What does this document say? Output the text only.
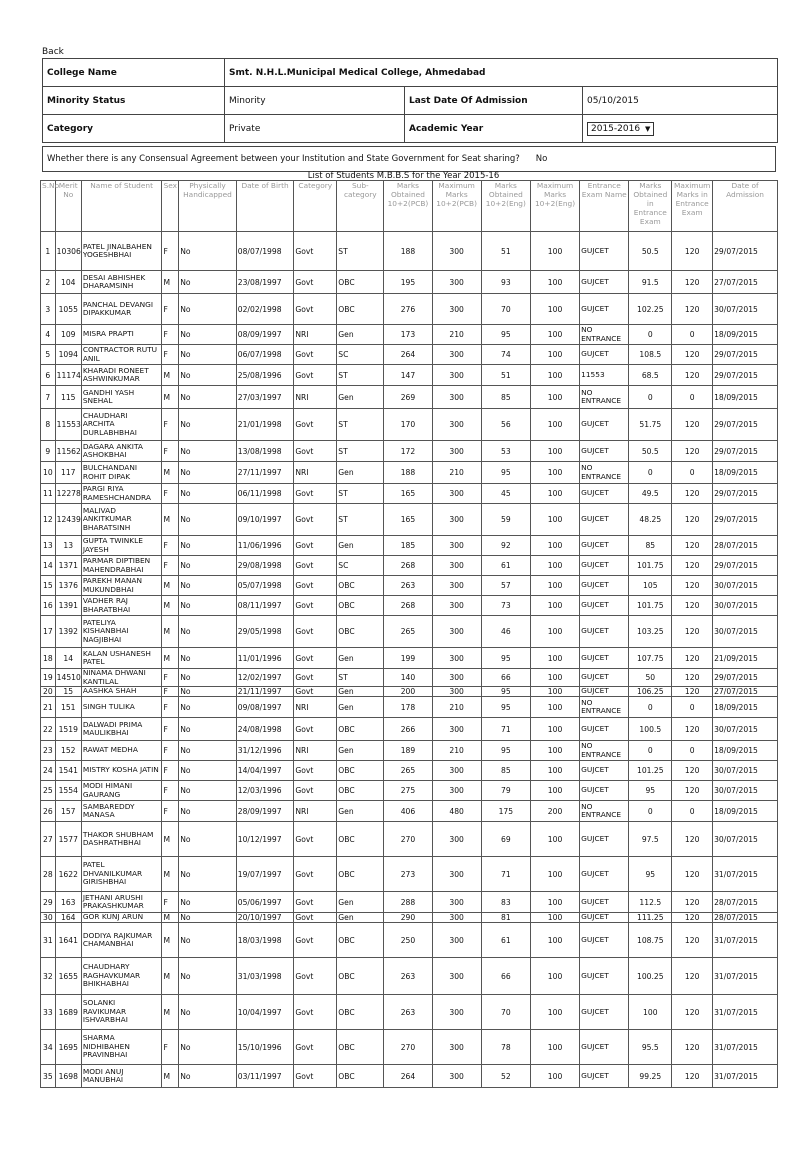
Back
College Name	Smt. N.H.L.Municipal Medical College, Ahmedabad		
Minority Status	Minority	Last Date Of Admission	05/10/2015
Category	Private	Academic Year	2015-2016 ▼
Whether there is any Consensual Agreement between your Institution and State Government for Seat sharing? No
List of Students M.B.B.S for the Year 2015-16
S.No	Merit No	Name of Student	Sex	Physically Handicapped	Date of Birth	Category	Sub-category	Marks Obtained 10+2(PCB)	Maximum Marks 10+2(PCB)	Marks Obtained 10+2(Eng)	Maximum Marks 10+2(Eng)	Entrance Exam Name	Marks Obtained in Entrance Exam	Maximum Marks in Entrance Exam	Date of Admission
1	10306	PATEL JINALBAHEN YOGESHBHAI	F	No	08/07/1998	Govt	ST	188	300	51	100	GUJCET	50.5	120	29/07/2015
2	104	DESAI ABHISHEK DHARAMSINH	M	No	23/08/1997	Govt	OBC	195	300	93	100	GUJCET	91.5	120	27/07/2015
3	1055	PANCHAL DEVANGI DIPAKKUMAR	F	No	02/02/1998	Govt	OBC	276	300	70	100	GUJCET	102.25	120	30/07/2015
4	109	MISRA PRAPTI	F	No	08/09/1997	NRI	Gen	173	210	95	100	NO ENTRANCE	0	0	18/09/2015
5	1094	CONTRACTOR RUTU ANIL	F	No	06/07/1998	Govt	SC	264	300	74	100	GUJCET	108.5	120	29/07/2015
6	11174	KHARADI RONEET ASHWINKUMAR	M	No	25/08/1996	Govt	ST	147	300	51	100	11553	68.5	120	29/07/2015
7	115	GANDHI YASH SNEHAL	M	No	27/03/1997	NRI	Gen	269	300	85	100	NO ENTRANCE	0	0	18/09/2015
8	11553	CHAUDHARI ARCHITA DURLABHBHAI	F	No	21/01/1998	Govt	ST	170	300	56	100	GUJCET	51.75	120	29/07/2015
9	11562	DAGARA ANKITA ASHOKBHAI	F	No	13/08/1998	Govt	ST	172	300	53	100	GUJCET	50.5	120	29/07/2015
10	117	BULCHANDANI ROHIT DIPAK	M	No	27/11/1997	NRI	Gen	188	210	95	100	NO ENTRANCE	0	0	18/09/2015
11	12278	PARGI RIYA RAMESHCHANDRA	F	No	06/11/1998	Govt	ST	165	300	45	100	GUJCET	49.5	120	29/07/2015
12	12439	MALIVAD ANKITKUMAR BHARATSINH	M	No	09/10/1997	Govt	ST	165	300	59	100	GUJCET	48.25	120	29/07/2015
13	13	GUPTA TWINKLE JAYESH	F	No	11/06/1996	Govt	Gen	185	300	92	100	GUJCET	85	120	28/07/2015
14	1371	PARMAR DIPTIBEN MAHENDRABHAI	F	No	29/08/1998	Govt	SC	268	300	61	100	GUJCET	101.75	120	29/07/2015
15	1376	PAREKH MANAN MUKUNDBHAI	M	No	05/07/1998	Govt	OBC	263	300	57	100	GUJCET	105	120	30/07/2015
16	1391	VADHER RAJ BHARATBHAI	M	No	08/11/1997	Govt	OBC	268	300	73	100	GUJCET	101.75	120	30/07/2015
17	1392	PATELIYA KISHANBHAI NAGJIBHAI	M	No	29/05/1998	Govt	OBC	265	300	46	100	GUJCET	103.25	120	30/07/2015
18	14	KALAN USHANESH PATEL	M	No	11/01/1996	Govt	Gen	199	300	95	100	GUJCET	107.75	120	21/09/2015
19	14510	NINAMA DHWANI KANTILAL	F	No	12/02/1997	Govt	ST	140	300	66	100	GUJCET	50	120	29/07/2015
20	15	AASHKA SHAH	F	No	21/11/1997	Govt	Gen	200	300	95	100	GUJCET	106.25	120	27/07/2015
21	151	SINGH TULIKA	F	No	09/08/1997	NRI	Gen	178	210	95	100	NO ENTRANCE	0	0	18/09/2015
22	1519	DALWADI PRIMA MAULIKBHAI	F	No	24/08/1998	Govt	OBC	266	300	71	100	GUJCET	100.5	120	30/07/2015
23	152	RAWAT MEDHA	F	No	31/12/1996	NRI	Gen	189	210	95	100	NO ENTRANCE	0	0	18/09/2015
24	1541	MISTRY KOSHA JATIN	F	No	14/04/1997	Govt	OBC	265	300	85	100	GUJCET	101.25	120	30/07/2015
25	1554	MODI HIMANI GAURANG	F	No	12/03/1996	Govt	OBC	275	300	79	100	GUJCET	95	120	30/07/2015
26	157	SAMBAREDDY MANASA	F	No	28/09/1997	NRI	Gen	406	480	175	200	NO ENTRANCE	0	0	18/09/2015
27	1577	THAKOR SHUBHAM DASHRATHBHAI	M	No	10/12/1997	Govt	OBC	270	300	69	100	GUJCET	97.5	120	30/07/2015
28	1622	PATEL DHVANILKUMAR GIRISHBHAI	M	No	19/07/1997	Govt	OBC	273	300	71	100	GUJCET	95	120	31/07/2015
29	163	JETHANI ARUSHI PRAKASHKUMAR	F	No	05/06/1997	Govt	Gen	288	300	83	100	GUJCET	112.5	120	28/07/2015
30	164	GOR KUNJ ARUN	M	No	20/10/1997	Govt	Gen	290	300	81	100	GUJCET	111.25	120	28/07/2015
31	1641	DODIYA RAJKUMAR CHAMANBHAI	M	No	18/03/1998	Govt	OBC	250	300	61	100	GUJCET	108.75	120	31/07/2015
32	1655	CHAUDHARY RAGHAVKUMAR BHIKHABHAI	M	No	31/03/1998	Govt	OBC	263	300	66	100	GUJCET	100.25	120	31/07/2015
33	1689	SOLANKI RAVIKUMAR ISHVARBHAI	M	No	10/04/1997	Govt	OBC	263	300	70	100	GUJCET	100	120	31/07/2015
34	1695	SHARMA NIDHIBAHEN PRAVINBHAI	F	No	15/10/1996	Govt	OBC	270	300	78	100	GUJCET	95.5	120	31/07/2015
35	1698	MODI ANUJ MANUBHAI	M	No	03/11/1997	Govt	OBC	264	300	52	100	GUJCET	99.25	120	31/07/2015
